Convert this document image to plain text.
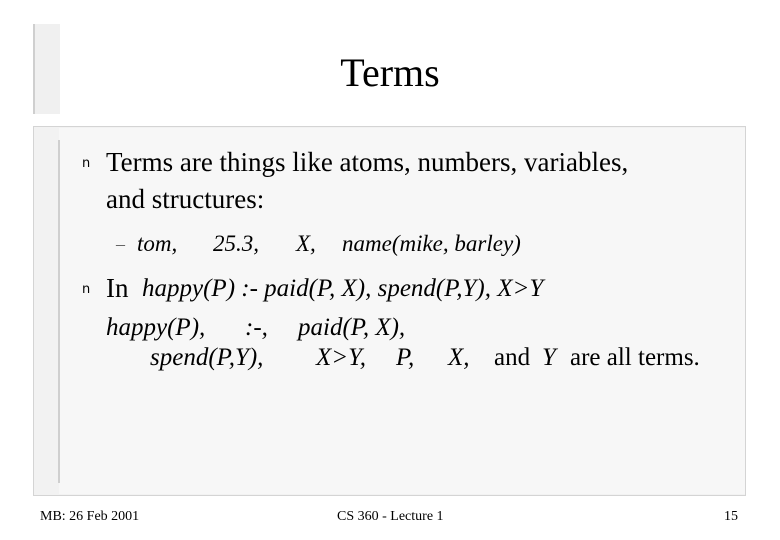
Terms
n Terms are things like atoms, numbers, variables,
and structures:
– tom, 25.3, X, name(mike, barley)
n In happy(P) :- paid(P, X), spend(P,Y), X>Y
happy(P), :-, paid(P, X),
spend(P,Y), X>Y, P, X, and Y are all terms.
MB: 26 Feb 2001	CS 360 - Lecture 1	15
